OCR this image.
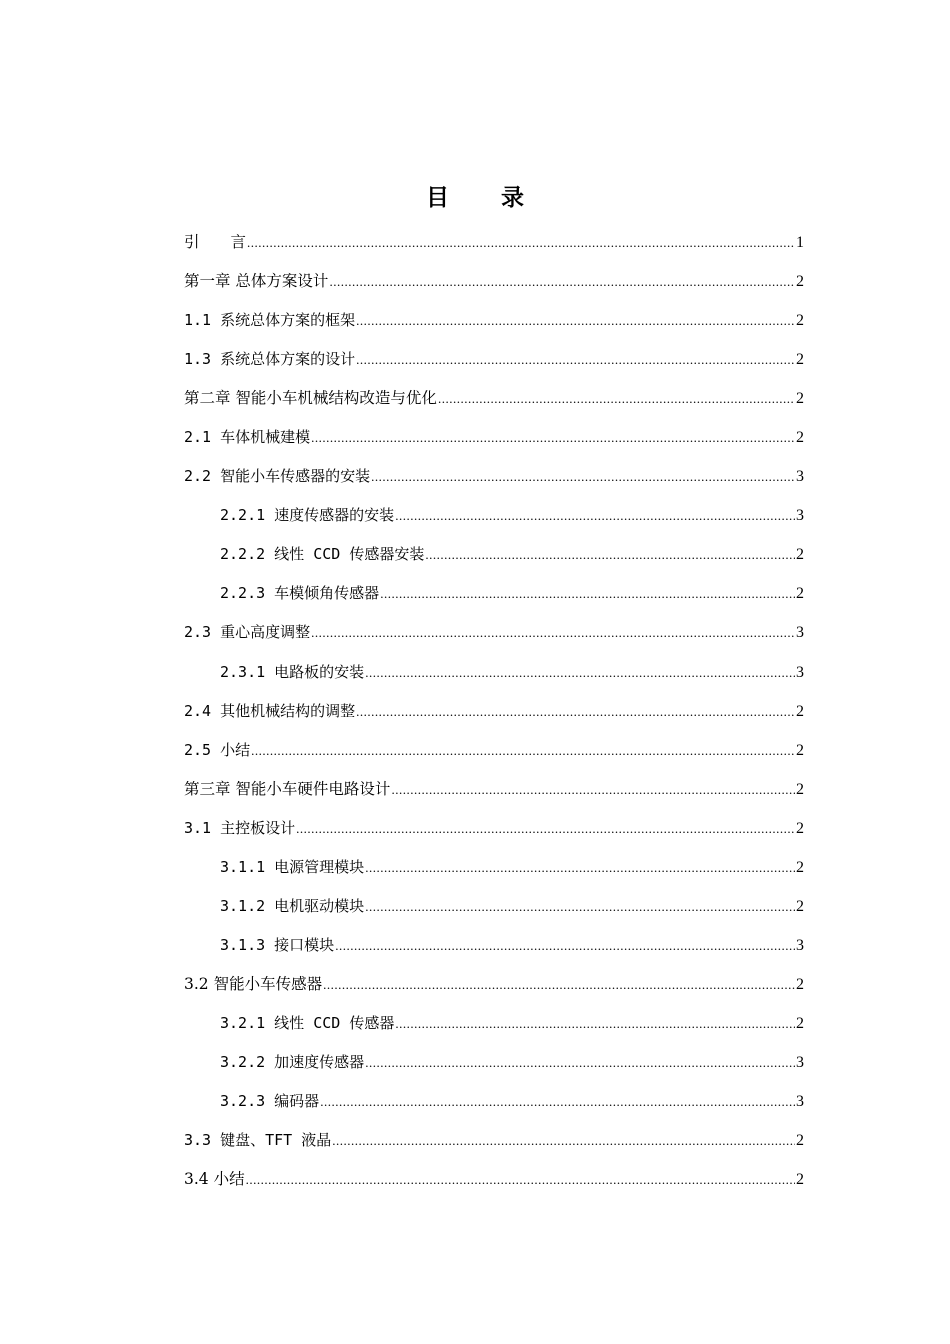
目 录
引　　言 .....	1
第一章 总体方案设计 .....	2
1.1 系统总体方案的框架 .....	2
1.3 系统总体方案的设计 .....	2
第二章 智能小车机械结构改造与优化 .....	2
2.1 车体机械建模 .....	2
2.2 智能小车传感器的安装 .....	3
2.2.1 速度传感器的安装 .....	3
2.2.2 线性 CCD 传感器安装 .....	2
2.2.3 车模倾角传感器 .....	2
2.3 重心高度调整 .....	3
2.3.1 电路板的安装 .....	3
2.4 其他机械结构的调整 .....	2
2.5 小结 .....	2
第三章 智能小车硬件电路设计 .....	2
3.1 主控板设计 .....	2
3.1.1 电源管理模块 .....	2
3.1.2 电机驱动模块 .....	2
3.1.3 接口模块 .....	3
3.2 智能小车传感器 .....	2
3.2.1 线性 CCD 传感器 .....	2
3.2.2 加速度传感器 .....	3
3.2.3 编码器 .....	3
3.3 键盘、TFT 液晶 .....	2
3.4 小结 .....	2
